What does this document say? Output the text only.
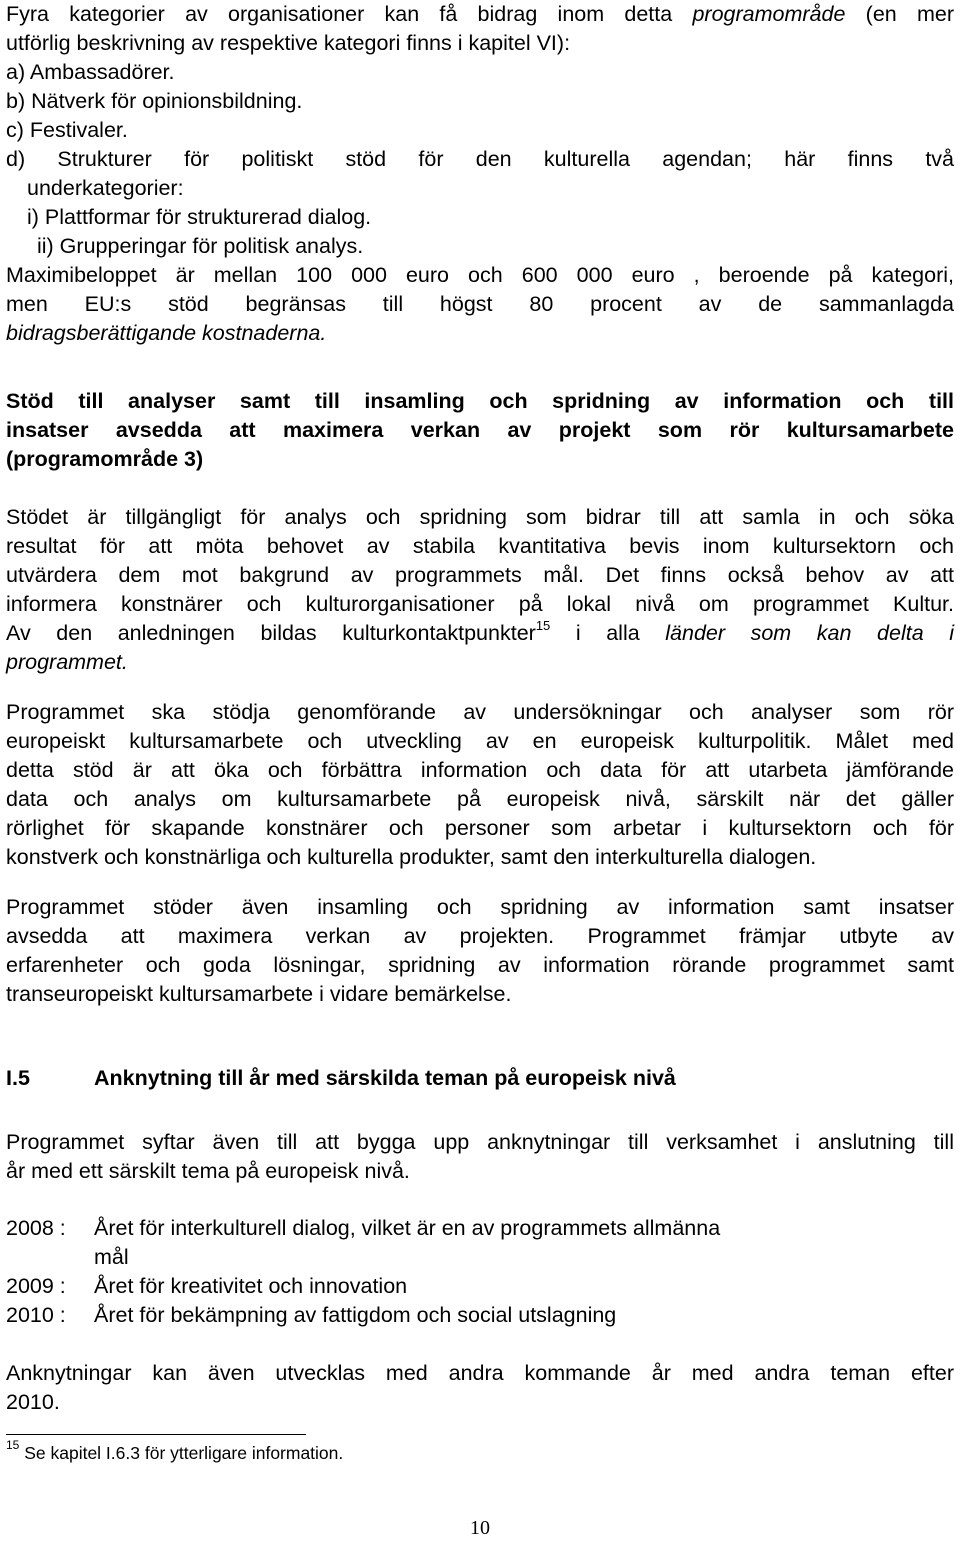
Fyra kategorier av organisationer kan få bidrag inom detta programområde (en mer

utförlig beskrivning av respektive kategori finns i kapitel VI):

a) Ambassadörer.

b) Nätverk för opinionsbildning.

c) Festivaler.

d) Strukturer för politiskt stöd för den kulturella agendan; här finns två

underkategorier:

i) Plattformar för strukturerad dialog.

ii) Grupperingar för politisk analys.

Maximibeloppet är mellan 100 000 euro och 600 000 euro , beroende på kategori,

men EU:s stöd begränsas till högst 80 procent av de sammanlagda

bidragsberättigande kostnaderna.

Stöd till analyser samt till insamling och spridning av information och till

insatser avsedda att maximera verkan av projekt som rör kultursamarbete

(programområde 3)

Stödet är tillgängligt för analys och spridning som bidrar till att samla in och söka

resultat för att möta behovet av stabila kvantitativa bevis inom kultursektorn och

utvärdera dem mot bakgrund av programmets mål. Det finns också behov av att

informera konstnärer och kulturorganisationer på lokal nivå om programmet Kultur.

Av den anledningen bildas kulturkontaktpunkter$^{15}$ i alla länder som kan delta i

programmet.

Programmet ska stödja genomförande av undersökningar och analyser som rör

europeiskt kultursamarbete och utveckling av en europeisk kulturpolitik. Målet med

detta stöd är att öka och förbättra information och data för att utarbeta jämförande

data och analys om kultursamarbete på europeisk nivå, särskilt när det gäller

rörlighet för skapande konstnärer och personer som arbetar i kultursektorn och för

konstverk och konstnärliga och kulturella produkter, samt den interkulturella dialogen.

Programmet stöder även insamling och spridning av information samt insatser

avsedda att maximera verkan av projekten. Programmet främjar utbyte av

erfarenheter och goda lösningar, spridning av information rörande programmet samt

transeuropeiskt kultursamarbete i vidare bemärkelse.

I.5	Anknytning till år med särskilda teman på europeisk nivå

Programmet syftar även till att bygga upp anknytningar till verksamhet i anslutning till

år med ett särskilt tema på europeisk nivå.

2008 : Året för interkulturell dialog, vilket är en av programmets allmänna
mål
2009 : Året för kreativitet och innovation
2010 : Året för bekämpning av fattigdom och social utslagning

Anknytningar kan även utvecklas med andra kommande år med andra teman efter

2010.

$^{15}$ Se kapitel I.6.3 för ytterligare information.
10
